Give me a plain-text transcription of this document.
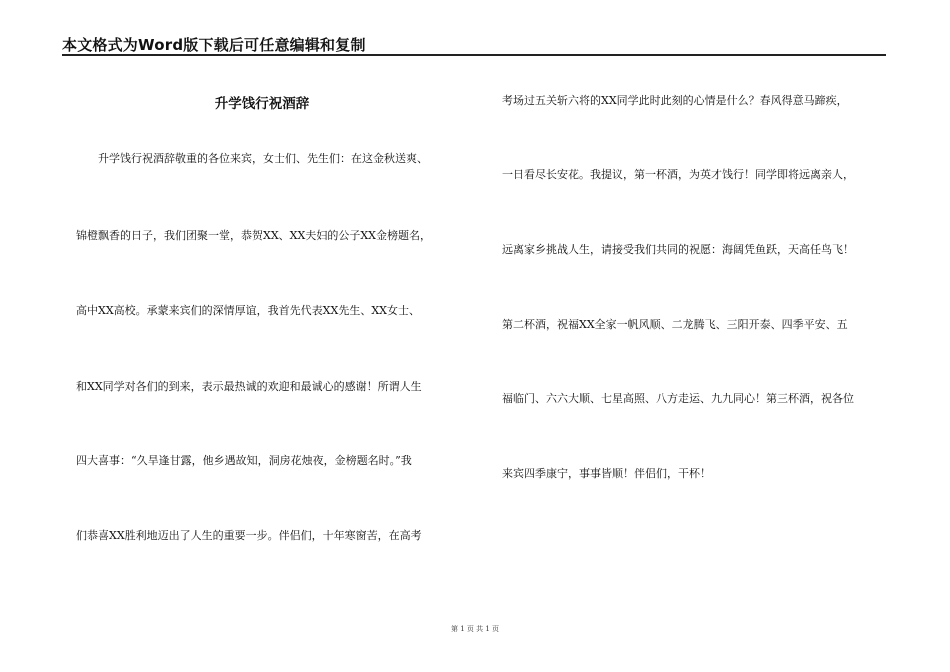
本文格式为Word版下载后可任意编辑和复制
升学饯行祝酒辞
　　升学饯行祝酒辞敬重的各位来宾，女士们、先生们：在这金秋送爽、
锦橙飘香的日子，我们团聚一堂，恭贺XX、XX夫妇的公子XX金榜题名，
高中XX高校。承蒙来宾们的深情厚谊，我首先代表XX先生、XX女士、
和XX同学对各们的到来，表示最热诚的欢迎和最诚心的感谢！所谓人生
四大喜事：“久旱逢甘露，他乡遇故知，洞房花烛夜，金榜题名时。”我
们恭喜XX胜利地迈出了人生的重要一步。伴侣们，十年寒窗苦，在高考
考场过五关斩六将的XX同学此时此刻的心情是什么？春风得意马蹄疾，
一日看尽长安花。我提议，第一杯酒，为英才饯行！同学即将远离亲人，
远离家乡挑战人生，请接受我们共同的祝愿：海阔凭鱼跃，天高任鸟飞！
第二杯酒，祝福XX全家一帆风顺、二龙腾飞、三阳开泰、四季平安、五
福临门、六六大顺、七星高照、八方走运、九九同心！第三杯酒，祝各位
来宾四季康宁，事事皆顺！伴侣们，干杯！
第 1 页 共 1 页
